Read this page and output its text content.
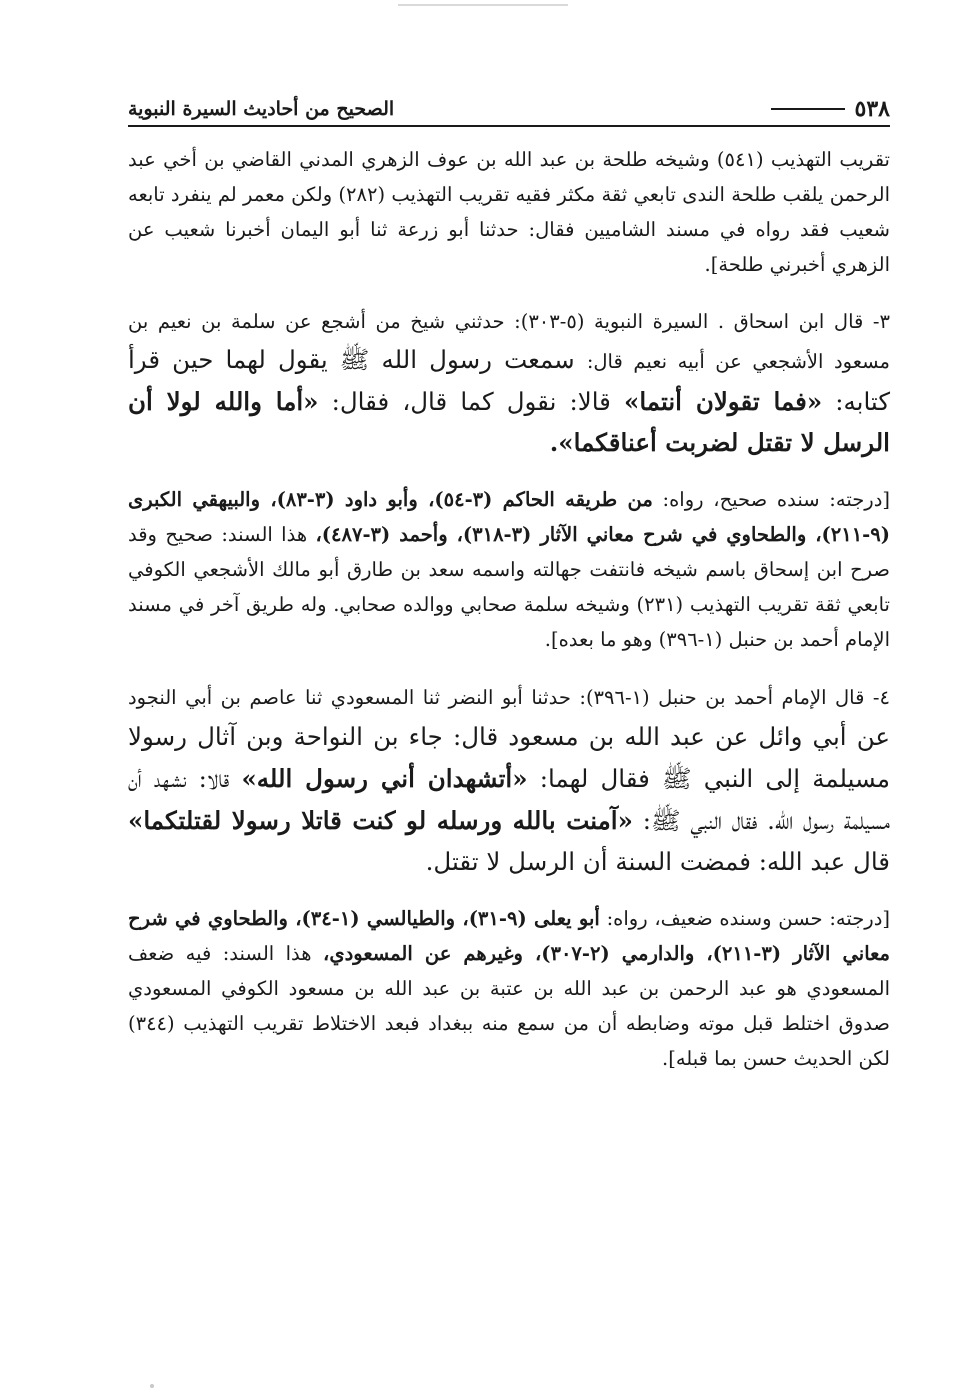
٥٣٨
الصحيح من أحاديث السيرة النبوية

تقريب التهذيب (٥٤١) وشيخه طلحة بن عبد الله بن عوف الزهري المدني القاضي بن أخي عبد الرحمن يلقب طلحة الندى تابعي ثقة مكثر فقيه تقريب التهذيب (٢٨٢) ولكن معمر لم ينفرد تابعه شعيب فقد رواه في مسند الشاميين فقال: حدثنا أبو زرعة ثنا أبو اليمان أخبرنا شعيب عن الزهري أخبرني طلحة].

٣- قال ابن اسحاق . السيرة النبوية (٥-٣٠٣): حدثني شيخ من أشجع عن سلمة بن نعيم بن مسعود الأشجعي عن أبيه نعيم قال: سمعت رسول الله ﷺ يقول لهما حين قرأ كتابه: «فما تقولان أنتما» قالا: نقول كما قال، فقال: «أما والله لولا أن الرسل لا تقتل لضربت أعناقكما».

[درجته: سنده صحيح، رواه: من طريقه الحاكم (٣-٥٤)، وأبو داود (٣-٨٣)، والبيهقي الكبرى (٩-٢١١)، والطحاوي في شرح معاني الآثار (٣-٣١٨)، وأحمد (٣-٤٨٧)، هذا السند: صحيح وقد صرح ابن إسحاق باسم شيخه فانتفت جهالته واسمه سعد بن طارق أبو مالك الأشجعي الكوفي تابعي ثقة تقريب التهذيب (٢٣١) وشيخه سلمة صحابي ووالده صحابي. وله طريق آخر في مسند الإمام أحمد بن حنبل (١-٣٩٦) وهو ما بعده].

٤- قال الإمام أحمد بن حنبل (١-٣٩٦): حدثنا أبو النضر ثنا المسعودي ثنا عاصم بن أبي النجود عن أبي وائل عن عبد الله بن مسعود قال: جاء بن النواحة وبن آثال رسولا مسيلمة إلى النبي ﷺ فقال لهما: «أتشهدان أني رسول الله» قالا: نشهد أن مسيلمة رسول الله. فقال النبي ﷺ: «آمنت بالله ورسله لو كنت قاتلا رسولا لقتلتكما» قال عبد الله: فمضت السنة أن الرسل لا تقتل.

[درجته: حسن وسنده ضعيف، رواه: أبو يعلى (٩-٣١)، والطيالسي (١-٣٤)، والطحاوي في شرح معاني الآثار (٣-٢١١)، والدارمي (٢-٣٠٧)، وغيرهم عن المسعودي، هذا السند: فيه ضعف المسعودي هو عبد الرحمن بن عبد الله بن عتبة بن عبد الله بن مسعود الكوفي المسعودي صدوق اختلط قبل موته وضابطه أن من سمع منه ببغداد فبعد الاختلاط تقريب التهذيب (٣٤٤) لكن الحديث حسن بما قبله].
